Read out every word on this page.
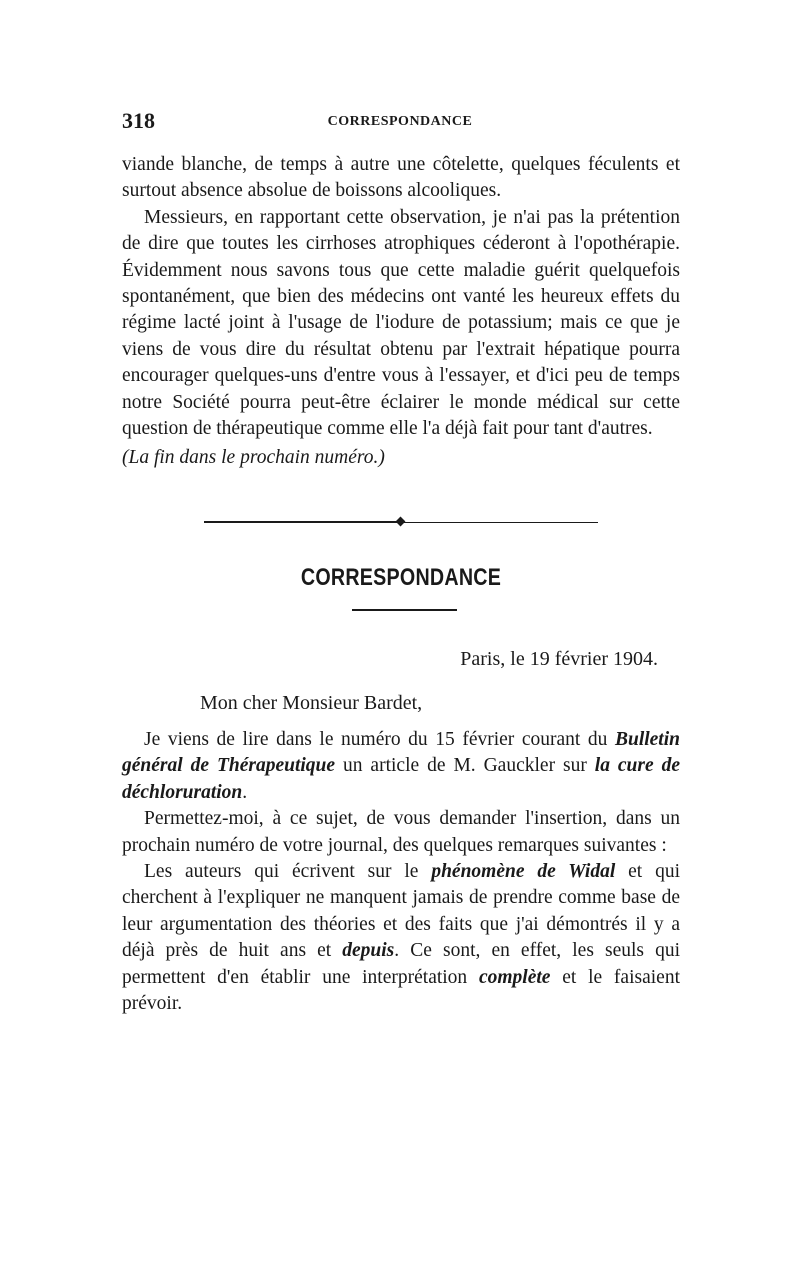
318	CORRESPONDANCE

viande blanche, de temps à autre une côtelette, quelques féculents et surtout absence absolue de boissons alcooliques.

Messieurs, en rapportant cette observation, je n'ai pas la prétention de dire que toutes les cirrhoses atrophiques céderont à l'opothérapie. Évidemment nous savons tous que cette maladie guérit quelquefois spontanément, que bien des médecins ont vanté les heureux effets du régime lacté joint à l'usage de l'iodure de potassium; mais ce que je viens de vous dire du résultat obtenu par l'extrait hépatique pourra encourager quelques-uns d'entre vous à l'essayer, et d'ici peu de temps notre Société pourra peut-être éclairer le monde médical sur cette question de thérapeutique comme elle l'a déjà fait pour tant d'autres.

(La fin dans le prochain numéro.)

CORRESPONDANCE
Paris, le 19 février 1904.
Mon cher Monsieur Bardet,

Je viens de lire dans le numéro du 15 février courant du Bulletin général de Thérapeutique un article de M. Gauckler sur la cure de déchloruration.

Permettez-moi, à ce sujet, de vous demander l'insertion, dans un prochain numéro de votre journal, des quelques remarques suivantes :

Les auteurs qui écrivent sur le phénomène de Widal et qui cherchent à l'expliquer ne manquent jamais de prendre comme base de leur argumentation des théories et des faits que j'ai démontrés il y a déjà près de huit ans et depuis. Ce sont, en effet, les seuls qui permettent d'en établir une interprétation complète et le faisaient prévoir.
